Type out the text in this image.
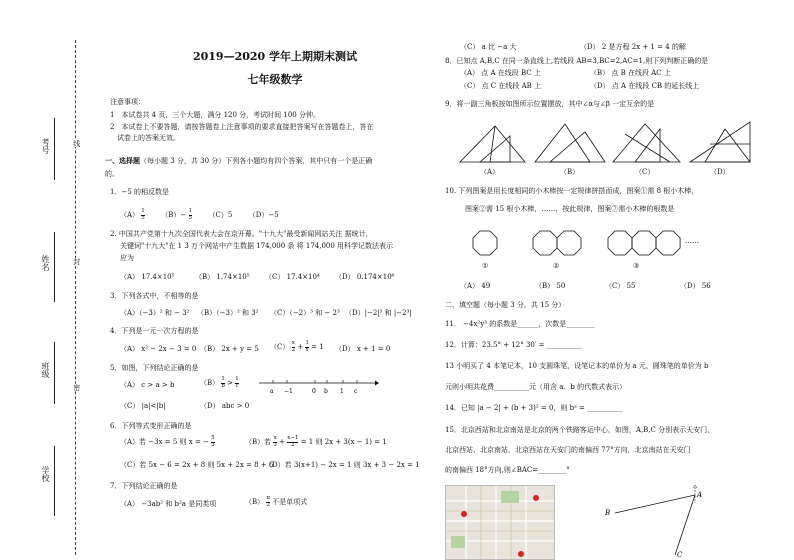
考号
姓名
班级
学校
线
封
密
2019—2020 学年上期期末测试
七年级数学
注意事项：
1　本试卷共 4 页，三个大题，满分 120 分，考试时间 100 分钟。
2　本试卷上不要答题，请按答题卷上注意事项的要求直接把答案写在答题卷上，答在
　试卷上的答案无效。
一、选择题（每小题 3 分，共 30 分）下列各小题均有四个答案，其中只有一个是正确
的。
1．−5 的相反数是
$(A) \frac{1}{5} (B)- \frac{1}{5} (C)5$ （D）−5
2. 中国共产党第十九次全国代表大会在京开幕。"十九大"最受新闻网站关注 据统计，
关键词"十九大"在 1 3 万个网站中产生数据 174,000 条 将 174,000 用科学记数法表示
应为
（A） 17.4×10⁵	（B） 1.74×10⁵ （C） 17.4×10⁴ （D） 0.174×10⁶
3．下列各式中，不相等的是
（A）（−3）² 和 − 3² （B）（−3）² 和 3² （C）（−2）³ 和 − 2³ （D）|−2|³ 和 |−2³|
4．下列是一元一次方程的是
（A） x² − 2x − 3 = 0 （B） 2x + y = 5 $(C) \frac{x}{2} + \frac{1}{x} = 1$ （D） x + 1 = 0
5．如图，下列结论正确的是
（A） c > a > b	$(B) \frac{1}{b} > \frac{1}{c}$
a −1	0 b 1 c
（C） |a|<|b|	（D） abc > 0
6．下列等式变形正确的是
（A）若 −3x = 5 则 x = − $\frac{5}{3}$	（B）若 $\frac{x}{3} + \frac{x-1}{2} = 1$ 则 2x + 3(x − 1) = 1
（C）若 5x − 6 = 2x + 8 则 5x + 2x = 8 + 6
（D）若 3(x+1) − 2x = 1 则 3x + 3 − 2x = 1
7．下列结论正确的是
（A） −3ab² 和 b²a 是同类项	$(B) \frac{\pi}{2}$ 不是单项式
（C） a 比 −a 大	（D） 2 是方程 2x + 1 = 4 的解
8．已知点 A,B,C 在同一条直线上,若线段 AB=3,BC=2,AC=1,则下列判断正确的是
（A） 点 A 在线段 BC 上	（B） 点 B 在线段 AC 上
（C） 点 C 在线段 AB 上	（D） 点 A 在线段 CB 的延长线上
9．将一副三角板按如图所示位置摆放，其中∠α与∠β 一定互余的是
（A）	（B）	（C）	（D）
10. 下列图案是用长度相同的小木棒按一定规律拼搭而成，图案①需 8 根小木棒，
图案②需 15 根小木棒，……，按此规律，图案⑦需小木棒的根数是
……
①	②	③
（A） 49	（B） 50	（C） 55	（D） 56
二、填空题（每小题 3 分，共 15 分）
11． −4x²y³ 的系数是______，次数是________
12．计算：23.5° + 12° 30′ = __________
13 小明买了 4 本笔记本，10 支圆珠笔，设笔记本的单价为 a 元，圆珠笔的单价为 b
元则小明共花费__________元（用含 a、b 的代数式表示）
14．已知 |a − 2| + (b + 3)² = 0，则 bᵃ = __________
15．北京西站和北京南站是北京的两个铁路客运中心，如图，A,B,C 分别表示天安门、
北京西站、北京南站，北京西站在天安门的南偏西 77°方向，北京南站在天安门
的南偏西 18°方向,则∠BAC=________°
B
A
C
